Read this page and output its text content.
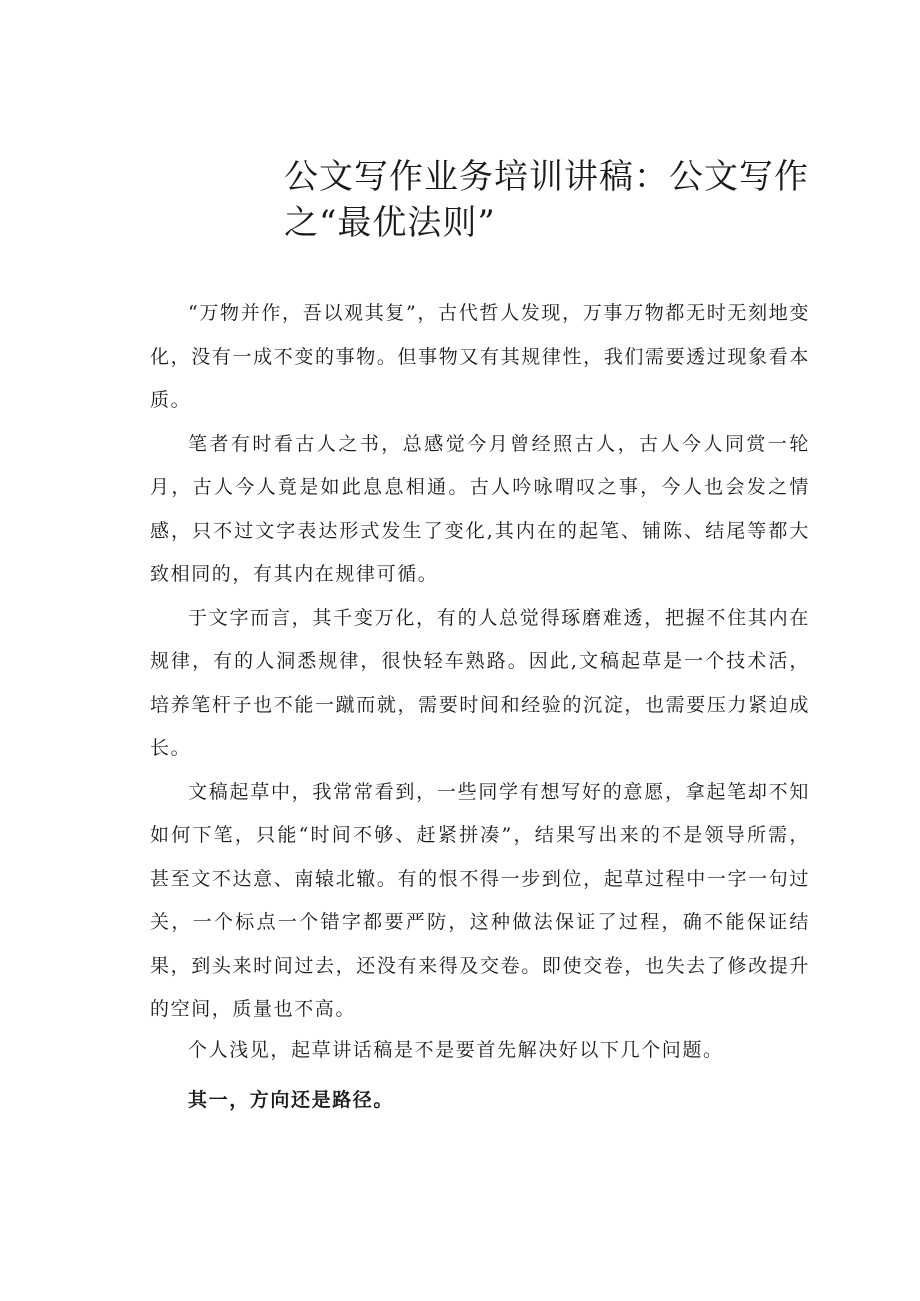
公文写作业务培训讲稿：公文写作之“最优法则”

“万物并作，吾以观其复”，古代哲人发现，万事万物都无时无刻地变化，没有一成不变的事物。但事物又有其规律性，我们需要透过现象看本质。

笔者有时看古人之书，总感觉今月曾经照古人，古人今人同赏一轮月，古人今人竟是如此息息相通。古人吟咏喟叹之事，今人也会发之情感，只不过文字表达形式发生了变化,其内在的起笔、铺陈、结尾等都大致相同的，有其内在规律可循。

于文字而言，其千变万化，有的人总觉得琢磨难透，把握不住其内在规律，有的人洞悉规律，很快轻车熟路。因此,文稿起草是一个技术活，培养笔杆子也不能一蹴而就，需要时间和经验的沉淀，也需要压力紧迫成长。

文稿起草中，我常常看到，一些同学有想写好的意愿，拿起笔却不知如何下笔，只能“时间不够、赶紧拼凑”，结果写出来的不是领导所需，甚至文不达意、南辕北辙。有的恨不得一步到位，起草过程中一字一句过关，一个标点一个错字都要严防，这种做法保证了过程，确不能保证结果，到头来时间过去，还没有来得及交卷。即使交卷，也失去了修改提升的空间，质量也不高。

个人浅见，起草讲话稿是不是要首先解决好以下几个问题。

其一，方向还是路径。
